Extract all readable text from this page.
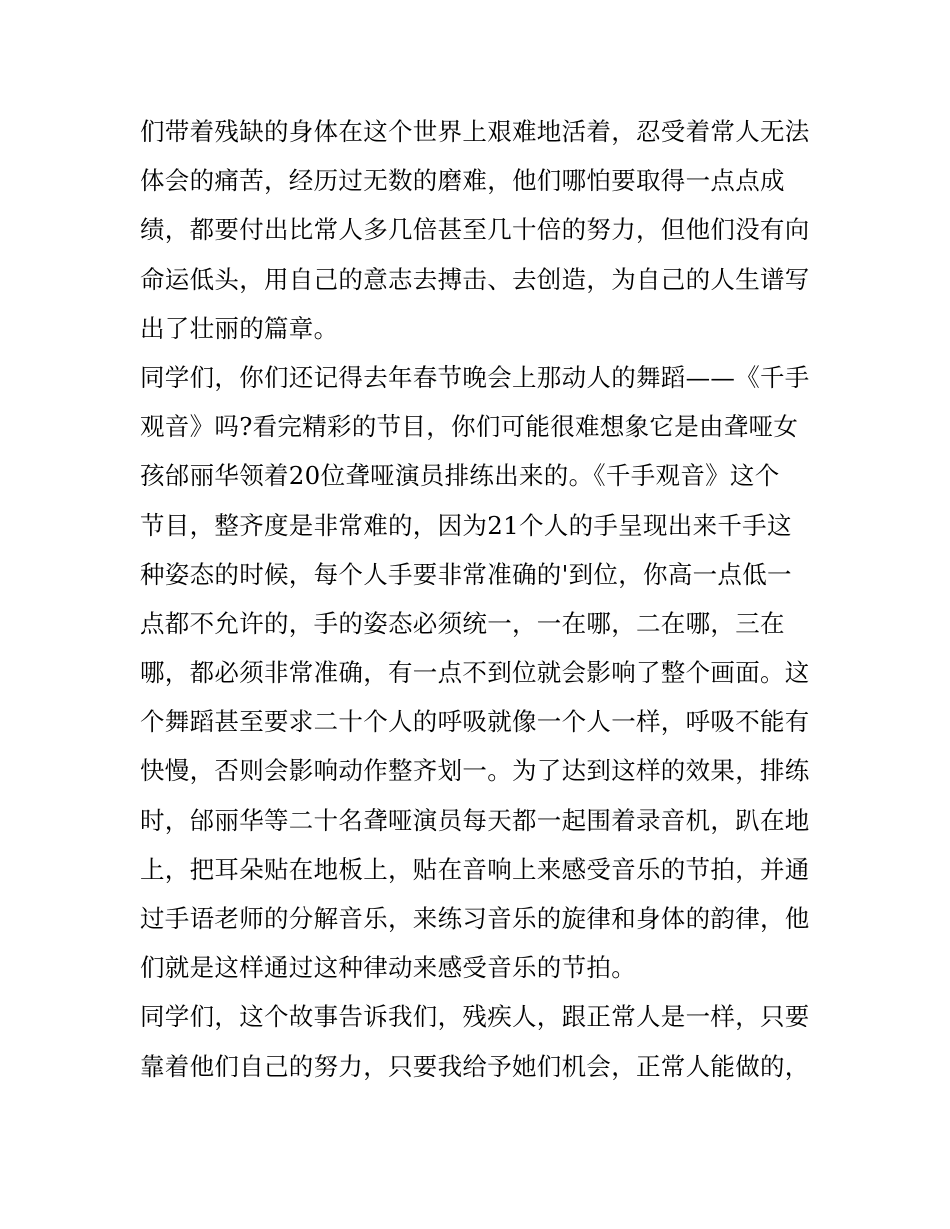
们带着残缺的身体在这个世界上艰难地活着，忍受着常人无法
体会的痛苦，经历过无数的磨难，他们哪怕要取得一点点成
绩，都要付出比常人多几倍甚至几十倍的努力，但他们没有向
命运低头，用自己的意志去搏击、去创造，为自己的人生谱写
出了壮丽的篇章。
同学们，你们还记得去年春节晚会上那动人的舞蹈——《千手
观音》吗?看完精彩的节目，你们可能很难想象它是由聋哑女
孩邰丽华领着20位聋哑演员排练出来的。《千手观音》这个
节目，整齐度是非常难的，因为21个人的手呈现出来千手这
种姿态的时候，每个人手要非常准确的'到位，你高一点低一
点都不允许的，手的姿态必须统一，一在哪，二在哪，三在
哪，都必须非常准确，有一点不到位就会影响了整个画面。这
个舞蹈甚至要求二十个人的呼吸就像一个人一样，呼吸不能有
快慢，否则会影响动作整齐划一。为了达到这样的效果，排练
时，邰丽华等二十名聋哑演员每天都一起围着录音机，趴在地
上，把耳朵贴在地板上，贴在音响上来感受音乐的节拍，并通
过手语老师的分解音乐，来练习音乐的旋律和身体的韵律，他
们就是这样通过这种律动来感受音乐的节拍。
同学们，这个故事告诉我们，残疾人，跟正常人是一样，只要
靠着他们自己的努力，只要我给予她们机会，正常人能做的，
